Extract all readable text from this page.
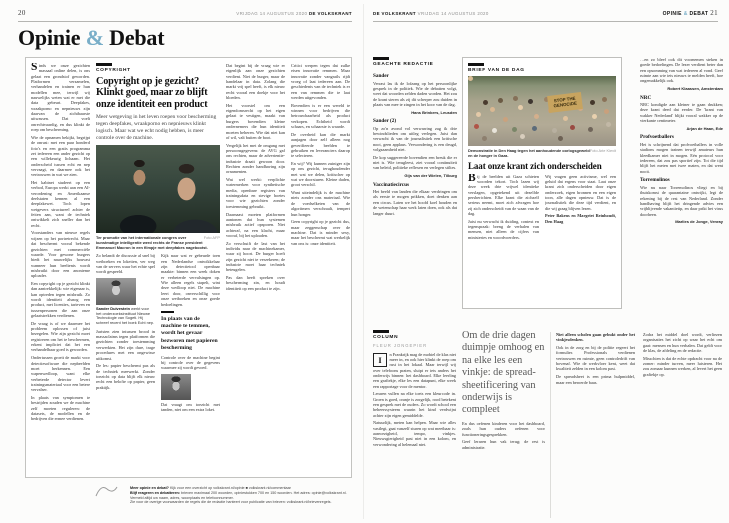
20	VRIJDAG 14 AUGUSTUS 2020 DE VOLKSKRANT
Opinie & Debat

Sinds we onze gezichten massaal online delen, is ons gelaat een grondstof geworden. Platformen verzamelen, verhandelen en trainen er hun modellen mee, terwijl wij nauwelijks weten wat er met die data gebeurt. Deepfakes, wraakporno en nepnieuws zijn daarvan de zichtbaarste uitwassen. Dat voelt onrechtvaardig, en dus klinkt de roep om bescherming.

Wie de opnamen bekijkt, begrijpt de onrust: met een paar honderd foto's en een gratis programma zet iedereen een ander gezicht op een willekeurig lichaam. Het onderscheid tussen echt en nep vervaagt, en daarmee ook het vertrouwen in wat we zien.

Het kabinet studeert op een verbod, Europa werkt aan een AI-verordening en Amerikaanse deelstaten kennen al een deepfakewet. Toch lopen wetgevers structureel achter de feiten aan, want de techniek ontwikkelt zich sneller dan het recht.

Voorstanders van nieuwe regels wijzen op het portretrecht. Maar dat beschermt vooral bekende gezichten met commerciële waarde. Voor gewone burgers biedt het nauwelijks houvast wanneer hun beeltenis wordt misbruikt door een anonieme uploader.

Een copyright op je gezicht klinkt dan aantrekkelijk: wie eigenaar is, kan optreden tegen misbruik. Zo wordt identiteit alsnog een product, met licenties, tarieven en tussenpersonen die aan onze gelaatstrekken verdienen.

De vraag is of we daarmee het probleem oplossen of juist bezegelen. Wie zijn gezicht moet registreren om het te beschermen, erkent impliciet dat het een verhandelbaar goed is geworden.

Ondertussen groeit de markt voor detectiesoftware die nepbeelden moet herkennen. Een wapenwedloop, want elke verbeterde detector levert trainingsmateriaal voor een betere vervalser.

In plaats van symptomen te bestrijden zouden we de machine zelf moeten reguleren: de datasets, de modellen en de bedrijven die ermee verdienen.

COPYRIGHT
Copyright op je gezicht? Klinkt goed, maar zo blijft onze identiteit een product
Meer wetgeving in het leven roepen voor bescherming tegen deepfakes, wraakporno en nepnieuws klinkt logisch. Maar wat we echt nodig hebben, is meer controle over de machine.
Foto AFP
Ter promotie van het internationale congres over kunstmatige intelligentie werd rechts de Franse president Emmanuel Macron in een filmpje met deepfakes nagebootst.

Zo belandt de discussie al snel bij wetboeken en loketten, ver weg van de servers waar het echte spel wordt gespeeld.

Sander Duivestein werkt voor het onderzoeksinstituut Nieuwe Technologie van Sogeti. Hij schreef recent het boek Echt nep.

Juristen zien intussen brood in massaclaims tegen platformen die gezichten zonder toestemming verwerkten. Het zijn dure, trage procedures met een ongewisse uitkomst.

De les: papier beschermt pas als de techniek meewerkt. Zonder toezicht op data blijft elk nieuw recht een belofte op papier, geen praktijk.

Kijk naar wat er gebeurde toen een Nederlandse ontwikkelaar zijn detectietool openbaar maakte: binnen een week doken er verbeterde vervalsingen op. Wie alleen regels stapelt, wint deze wedloop niet. De machine leert door, onverschillig voor onze wetboeken en onze goede bedoelingen.

In plaats van de machine te temmen, wordt het gevaar bezworen met papieren bescherming

Controle over de machine begint bij controle over de gegevens waarmee zij wordt gevoed.

Dat vraagt om toezicht met tanden, niet om een extra loket.

Dat begint bij de vraag wie er eigenlijk aan onze gezichten verdient. Niet de burger, maar de handelaar in data. Zolang die markt vrij spel heeft, is elk nieuw recht vooral een doekje voor het bloeden.

Het voorstel om een eigendomsrecht op het eigen gelaat te vestigen, maakt van burgers bovendien kleine ondernemers die hun identiteit moeten beheren. Wie dat niet kan of wil, valt buiten de boot.

Vergelijk het met de omgang met persoonsgegevens: de AVG gaf ons rechten, maar de advertentie-industrie draait gewoon door. Rechten zonder handhaving zijn ornamenten.

Wat wel werkt: verplichte watermerken voor synthetische media, openbare registers van trainingsdata en stevige boetes voor wie gezichten zonder toestemming gebruikt.

Daarnaast moeten platformen aantonen dat hun systemen misbruik actief opsporen. Niet achteraf, na een klacht, maar vooraf, bij het uploaden.

Zo verschuift de last van het individu naar de machinekamer, waar zij hoort. De burger hoeft zijn gezicht niet te verzekeren; de industrie moet haar techniek beteugelen.

Pas dan heeft spreken over bescherming zin, en houdt identiteit op een product te zijn.

Critici werpen tegen dat zulke eisen innovatie remmen. Maar innovatie zonder vangrails rijdt vroeg of laat iedereen aan. De geschiedenis van de techniek is er een van remmen die te laat werden uitgevonden.

Bovendien is er een wereld te winnen voor bedrijven die betrouwbaarheid als product verkopen. Echtheid wordt schaars, en schaarste is waarde.

De overheid kan die markt aanjagen door zelf alleen nog geverifieerde beelden te gebruiken en leveranciers daarop te selecteren.

En wij? Wij kunnen zuiniger zijn op ons gezicht, terughoudender met wat we delen, kritischer op wat we doorsturen. Kleine daden, groot verschil.

Want uiteindelijk is de machine niets zonder ons materiaal. Wie de voedselketen van de algoritmen verschraalt, tempert hun honger.

Geen copyright op je gezicht dus, maar zeggenschap over de machine. Dat is minder sexy, maar het beschermt wat werkelijk van ons is: onze identiteit.

Meer opinie en debat? Kijk voor een overzicht op volkskrant.nl/opinie ■ volkskrant.nl/commentaar
Blijf reageren en debatteren: brieven maximaal 200 woorden, opiniestukken 700 en 150 woorden. Het adres: opinie@volkskrant.nl. Vermeld altijd uw naam, adres, woonplaats en telefoonnummer.
Zie voor de overige voorwaarden de regels die de redactie hanteert voor publicatie van brieven: volkskrant.nl/brievenregels.
DE VOLKSKRANT VRIJDAG 14 AUGUSTUS 2020	OPINIE & DEBAT 21
GEACHTE REDACTIE
Sander

Verrast las ik de lofzang op het persoonlijke gesprek in de politiek. Wie de debatten volgt, weet dat woorden zelden daden worden. Het zou de krant sieren als zij dit scherper zou duiden in plaats van mee te zingen in het koor van de dag.

Hans Brinkers, Leusden

Sander (2)

Op zo'n avond vol verwarring zag ik drie bewindslieden om uitleg verlegen. Juist dan verwacht ik van de journalistiek een kritische noot, geen applaus. Verwondering is een deugd, volgzaamheid niet.

De kop suggereerde bovendien een breuk die er niet is. Wie terugleest, ziet vooral continuïteit van beleid, politieke reflexen en verlegen stiltes.

Gijs van der Wielen, Tilburg

Vaccinatiecircus

Het beeld van landen die elkaar verdringen om als eerste te mogen prikken, doet denken aan een circus. Laten we het hoofd koel houden en de wetenschap haar werk laten doen, ook als dat langer duurt.

BRIEF VAN DE DAG
STOP THE GENOCIDE
Foto Arie Kievit
Demonstratie in Den Haag tegen het aanhoudende oorlogsgeweld en de honger in Gaza.
Laat onze krant zich onderscheiden

Bij de beelden uit Gaza schieten woorden tekort. Toch lazen wij deze week drie vrijwel identieke verslagen, opgetekend uit dezelfde persberichten. Elke krant die zichzelf serieus neemt, moet zich afvragen hoe zij zich onderscheidt van de waan van de dag.

Juist nu verwacht ik duiding, context en tegenspraak: breng de verhalen van mensen, niet alleen de cijfers van ministeries en woordvoerders.

Wij vragen geen activisme, wel een geluid dat ergens voor staat. Laat onze krant zich onderscheiden door eigen onderzoek, eigen bronnen en een eigen toon, alle dagen opnieuw. Dat is de journalistiek die deze tijd verdient, en die wij graag blijven lezen.

Peter Bakens en Margriet Reinhoudt, Den Haag

…en zo bleef ook dit voornemen steken in goede bedoelingen. De lezer verdient beter dan een opsomming van wat iedereen al vond. Geef ruimte aan wie iets nieuws te melden heeft, hoe ongemakkelijk ook.

Robert Klaassen, Amsterdam

NRC

NRC kondigde aan kleiner te gaan drukken; deze krant deed dat eerder. De 'krant van wakker Nederland' blijkt vooral wakker op de vierkante centimeter.

Arjan de Haan, Ede

Profvoetballers

Het is schrijnend dat profvoetballers in volle stadions mogen trainen terwijl amateurs hun kleedkamer niet in mogen. Eén protocol voor iedereen, dat zou pas sportief zijn. Tot die tijd blijft het meten met twee maten, en dat went nooit.

Torremolinos

Wie nu naar Torremolinos vliegt en bij thuiskomst de quarantaine ontwijkt, legt de rekening bij de rest van Nederland. Zonder handhaving blijft het dringende advies een vrijblijvende vakantietip, en daar prikt het virus doorheen.

Marlies de Jonge, Venray

COLUMN
FLEUR JONGEPIER

I
n Frankrijk mag de mobiel de klas niet meer in, en ook hier klinkt de roep om rust in het lokaal. Maar terwijl wij over telefoons praten, sluipt er iets anders het onderwijs binnen: het dashboard. Elke leerling een grafiekje, elke les een datapunt, elke week een rapportage voor de mentor.

Leraren vullen na elke toets een kleurcode in. Groen is goed, oranje is zorgelijk, rood betekent een gesprek met de ouders. Zo wordt school een beheerssysteem waarin het kind verdwijnt achter zijn eigen gemiddelde.

Natuurlijk, meten kan helpen. Maar wie alles vastlegt, gaat vanzelf sturen op wat meetbaar is: aanwezigheid, tempo, vinkjes. Nieuwsgierigheid past niet in een kolom, en verwondering al helemaal niet.

Om de drie dagen duimpje omhoog en na elke les een vinkje: de spreadsheetificering van onderwijs is compleet

En dus oefenen kinderen voor het dashboard, zoals hun ouders oefenen voor functioneringsgesprekken.

Geef leraren hun vak terug; de rest is administratie.

Niet alleen scholen gaan gebukt onder het vinkjesdenken.

Ook in de zorg en bij de politie regeert het formulier. Professionals verdienen vertrouwen en ruimte, geen controledrift van bovenaf. Wie de werkvloer kent, weet dat kwaliteit zelden in een kolom past.

De spreadsheet is een prima hulpmiddel, maar een beroerde baas.

Zodra het middel doel wordt, verliezen organisaties het zicht op waar het echt om gaat: mensen en hun verhalen. Dat geldt voor de klas, de afdeling en de redactie.

Misschien is dat de echte opdracht voor na de zomer: minder turven, meer luisteren. Het zou zomaar kunnen werken, al levert het geen grafiekje op.
